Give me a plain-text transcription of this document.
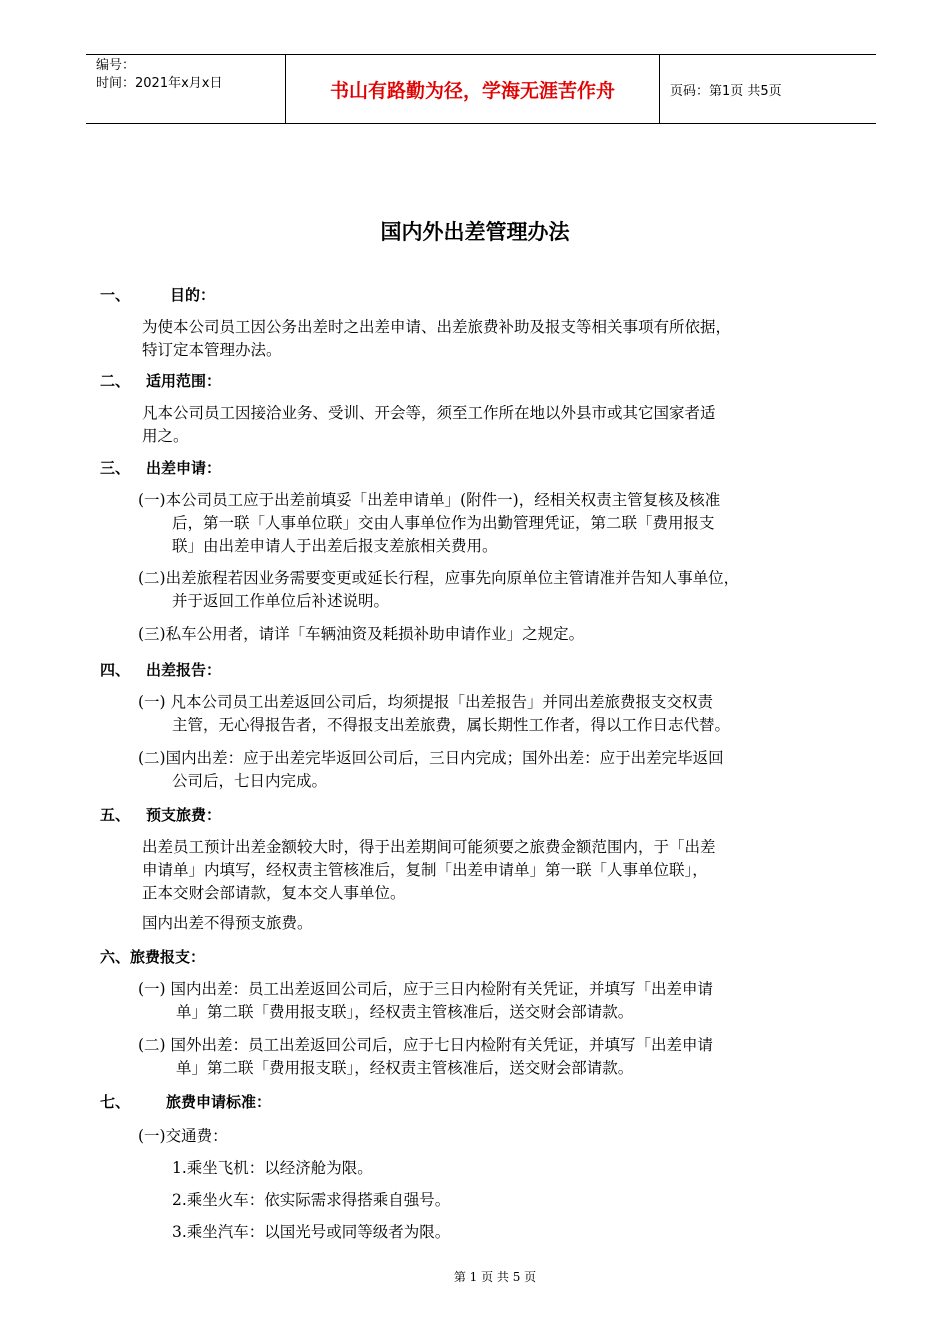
编号：
时间：2021年x月x日	书山有路勤为径，学海无涯苦作舟	页码：第1页 共5页
国内外出差管理办法
一、	目的：
为使本公司员工因公务出差时之出差申请、出差旅费补助及报支等相关事项有所依据，
特订定本管理办法。
二、 适用范围：
凡本公司员工因接洽业务、受训、开会等，须至工作所在地以外县市或其它国家者适
用之。
三、 出差申请：
(一)本公司员工应于出差前填妥「出差申请单」(附件一)，经相关权责主管复核及核准
后，第一联「人事单位联」交由人事单位作为出勤管理凭证，第二联「费用报支
联」由出差申请人于出差后报支差旅相关费用。
(二)出差旅程若因业务需要变更或延长行程，应事先向原单位主管请准并告知人事单位，
并于返回工作单位后补述说明。
(三)私车公用者，请详「车辆油资及耗损补助申请作业」之规定。
四、 出差报告：
(一) 凡本公司员工出差返回公司后，均须提报「出差报告」并同出差旅费报支交权责
主管，无心得报告者，不得报支出差旅费，属长期性工作者，得以工作日志代替。
(二)国内出差：应于出差完毕返回公司后，三日内完成；国外出差：应于出差完毕返回
公司后，七日内完成。
五、 预支旅费：
出差员工预计出差金额较大时，得于出差期间可能须要之旅费金额范围内，于「出差
申请单」内填写，经权责主管核准后，复制「出差申请单」第一联「人事单位联」，
正本交财会部请款，复本交人事单位。
国内出差不得预支旅费。
六、旅费报支：
(一) 国内出差：员工出差返回公司后，应于三日内检附有关凭证，并填写「出差申请
单」第二联「费用报支联」，经权责主管核准后，送交财会部请款。
(二) 国外出差：员工出差返回公司后，应于七日内检附有关凭证，并填写「出差申请
单」第二联「费用报支联」，经权责主管核准后，送交财会部请款。
七、 旅费申请标准：
(一)交通费：
1.乘坐飞机：以经济舱为限。
2.乘坐火车：依实际需求得搭乘自强号。
3.乘坐汽车：以国光号或同等级者为限。
第 1 页 共 5 页
